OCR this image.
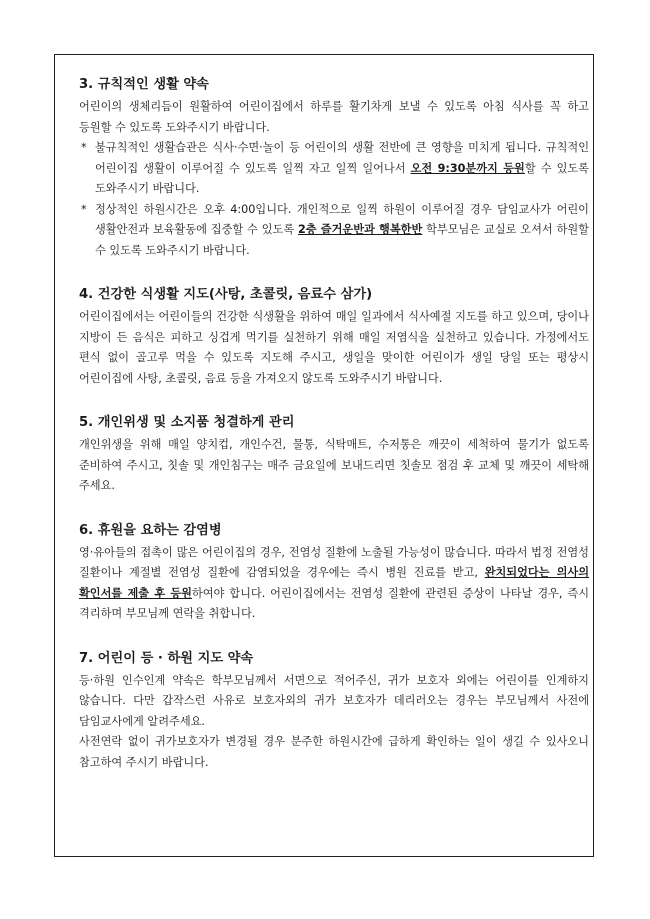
3. 규칙적인 생활 약속

어린이의 생체리듬이 원활하여 어린이집에서 하루를 활기차게 보낼 수 있도록 아침 식사를 꼭 하고 등원할 수 있도록 도와주시기 바랍니다.

* 불규칙적인 생활습관은 식사·수면·놀이 등 어린이의 생활 전반에 큰 영향을 미치게 됩니다. 규칙적인 어린이집 생활이 이루어질 수 있도록 일찍 자고 일찍 일어나서 오전 9:30분까지 등원할 수 있도록 도와주시기 바랍니다.

* 정상적인 하원시간은 오후 4:00입니다. 개인적으로 일찍 하원이 이루어질 경우 담임교사가 어린이 생활안전과 보육활동에 집중할 수 있도록 2층 즐거운반과 행복한반 학부모님은 교실로 오셔서 하원할 수 있도록 도와주시기 바랍니다.

4. 건강한 식생활 지도(사탕, 초콜릿, 음료수 삼가)

어린이집에서는 어린이들의 건강한 식생활을 위하여 매일 일과에서 식사예절 지도를 하고 있으며, 당이나 지방이 든 음식은 피하고 싱겁게 먹기를 실천하기 위해 매일 저염식을 실천하고 있습니다. 가정에서도 편식 없이 골고루 먹을 수 있도록 지도해 주시고, 생일을 맞이한 어린이가 생일 당일 또는 평상시 어린이집에 사탕, 초콜릿, 음료 등을 가져오지 않도록 도와주시기 바랍니다.

5. 개인위생 및 소지품 청결하게 관리

개인위생을 위해 매일 양치컵, 개인수건, 물통, 식탁매트, 수저통은 깨끗이 세척하여 물기가 없도록 준비하여 주시고, 칫솔 및 개인침구는 매주 금요일에 보내드리면 칫솔모 점검 후 교체 및 깨끗이 세탁해 주세요.

6. 휴원을 요하는 감염병

영·유아들의 접촉이 많은 어린이집의 경우, 전염성 질환에 노출될 가능성이 많습니다. 따라서 법정 전염성 질환이나 계절별 전염성 질환에 감염되었을 경우에는 즉시 병원 진료를 받고, 완치되었다는 의사의 확인서를 제출 후 등원하여야 합니다. 어린이집에서는 전염성 질환에 관련된 증상이 나타날 경우, 즉시 격리하며 부모님께 연락을 취합니다.

7. 어린이 등 · 하원 지도 약속

등·하원 인수인계 약속은 학부모님께서 서면으로 적어주신, 귀가 보호자 외에는 어린이를 인계하지 않습니다. 다만 갑작스런 사유로 보호자외의 귀가 보호자가 데리러오는 경우는 부모님께서 사전에 담임교사에게 알려주세요.

사전연락 없이 귀가보호자가 변경될 경우 분주한 하원시간에 급하게 확인하는 일이 생길 수 있사오니 참고하여 주시기 바랍니다.
